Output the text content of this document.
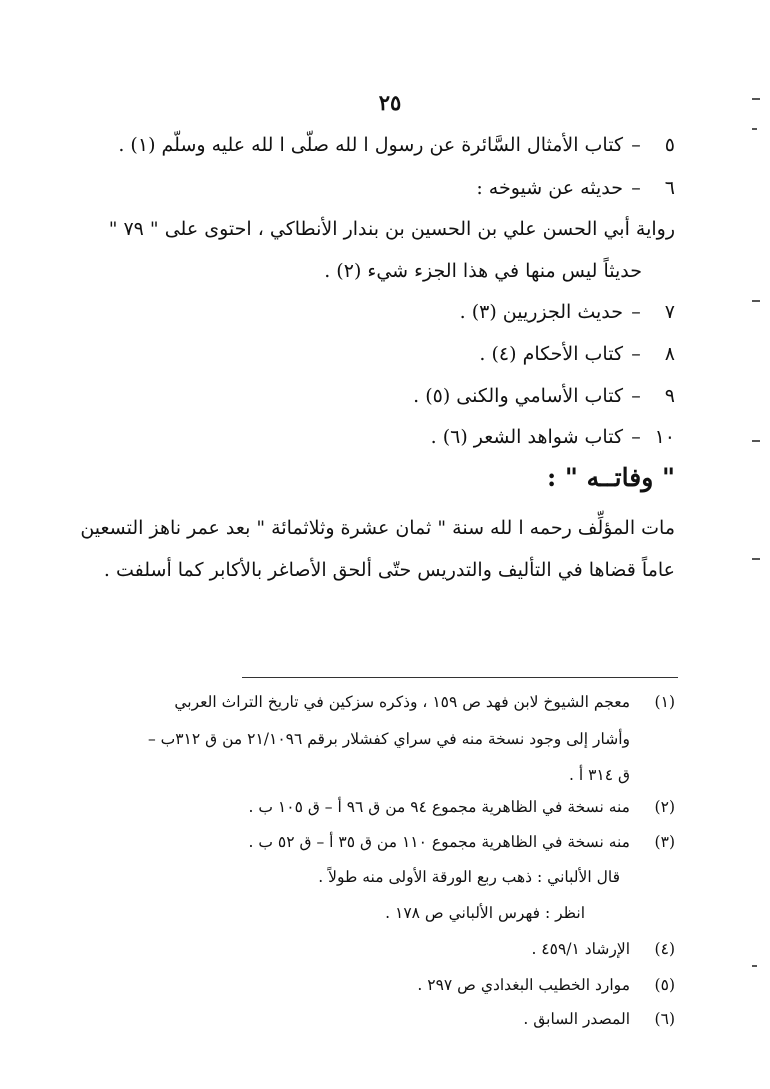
٢٥
٥–كتاب الأمثال السَّائرة عن رسول ا لله صلّى ا لله عليه وسلّم (١) .
٦–حديثه عن شيوخه :
رواية أبي الحسن علي بن الحسين بن بندار الأنطاكي ، احتوى على " ٧٩ "
حديثاً ليس منها في هذا الجزء شيء (٢) .
٧–حديث الجزريين (٣) .
٨–كتاب الأحكام (٤) .
٩–كتاب الأسامي والكنى (٥) .
١٠–كتاب شواهد الشعر (٦) .
" وفاتــه " :
مات المؤلِّف رحمه ا لله سنة " ثمان عشرة وثلاثمائة " بعد عمر ناهز التسعين
عاماً قضاها في التأليف والتدريس حتّى ألحق الأصاغر بالأكابر كما أسلفت .
(١)
معجم الشيوخ لابن فهد ص ١٥٩ ، وذكره سزكين في تاريخ التراث العربي
وأشار إلى وجود نسخة منه في سراي كفشلار برقم ٢١/١٠٩٦ من ق ٣١٢ب –
ق ٣١٤ أ .
(٢)
منه نسخة في الظاهرية مجموع ٩٤ من ق ٩٦ أ – ق ١٠٥ ب .
(٣)
منه نسخة في الظاهرية مجموع ١١٠ من ق ٣٥ أ – ق ٥٢ ب .
قال الألباني : ذهب ربع الورقة الأولى منه طولاً .
انظر : فهرس الألباني ص ١٧٨ .
(٤)
الإرشاد ٤٥٩/١ .
(٥)
موارد الخطيب البغدادي ص ٢٩٧ .
(٦)
المصدر السابق .
